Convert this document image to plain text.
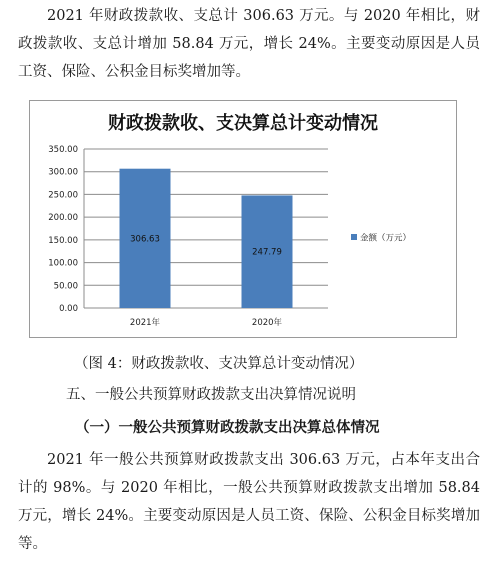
2021 年财政拨款收、支总计 306.63 万元。与 2020 年相比，财政拨款收、支总计增加 58.84 万元，增长 24%。主要变动原因是人员工资、保险、公积金目标奖增加等。

财政拨款收、支决算总计变动情况
0.00
50.00
100.00
150.00
200.00
250.00
300.00
350.00
306.63
2021年
247.79
2020年
金额（万元）
（图 4：财政拨款收、支决算总计变动情况）
五、一般公共预算财政拨款支出决算情况说明
（一）一般公共预算财政拨款支出决算总体情况

2021 年一般公共预算财政拨款支出 306.63 万元，占本年支出合计的 98%。与 2020 年相比，一般公共预算财政拨款支出增加 58.84 万元，增长 24%。主要变动原因是人员工资、保险、公积金目标奖增加等。
